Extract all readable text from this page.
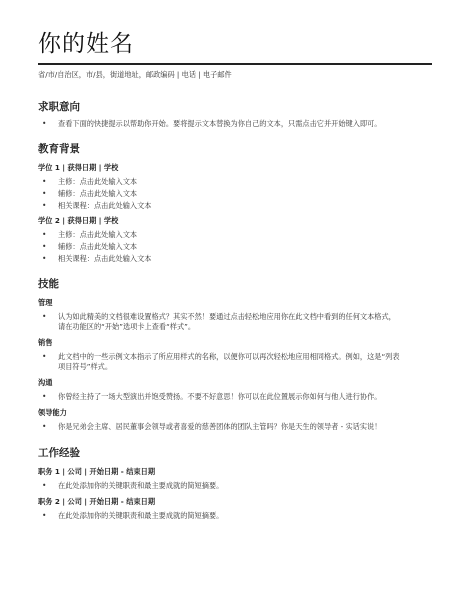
你的姓名
省/市/自治区，市/县，街道地址，邮政编码 | 电话 | 电子邮件
求职意向
• 查看下面的快捷提示以帮助你开始。要将提示文本替换为你自己的文本，只需点击它并开始键入即可。
教育背景
学位 1 | 获得日期 | 学校
• 主修：点击此处输入文本
• 辅修：点击此处输入文本
• 相关课程：点击此处输入文本
学位 2 | 获得日期 | 学校
• 主修：点击此处输入文本
• 辅修：点击此处输入文本
• 相关课程：点击此处输入文本
技能
管理
• 认为如此精美的文档很难设置格式？其实不然！要通过点击轻松地应用你在此文档中看到的任何文本格式，
请在功能区的“开始”选项卡上查看“样式”。
销售
• 此文档中的一些示例文本指示了所应用样式的名称，以便你可以再次轻松地应用相同格式。例如，这是“列表
项目符号”样式。
沟通
• 你曾经主持了一场大型演出并饱受赞扬。不要不好意思！你可以在此位置展示你如何与他人进行协作。
领导能力
• 你是兄弟会主席、居民董事会领导或者喜爱的慈善团体的团队主管吗？你是天生的领导者 - 实话实说！
工作经验
职务 1 | 公司 | 开始日期 - 结束日期
• 在此处添加你的关键职责和最主要成就的简短摘要。
职务 2 | 公司 | 开始日期 - 结束日期
• 在此处添加你的关键职责和最主要成就的简短摘要。
